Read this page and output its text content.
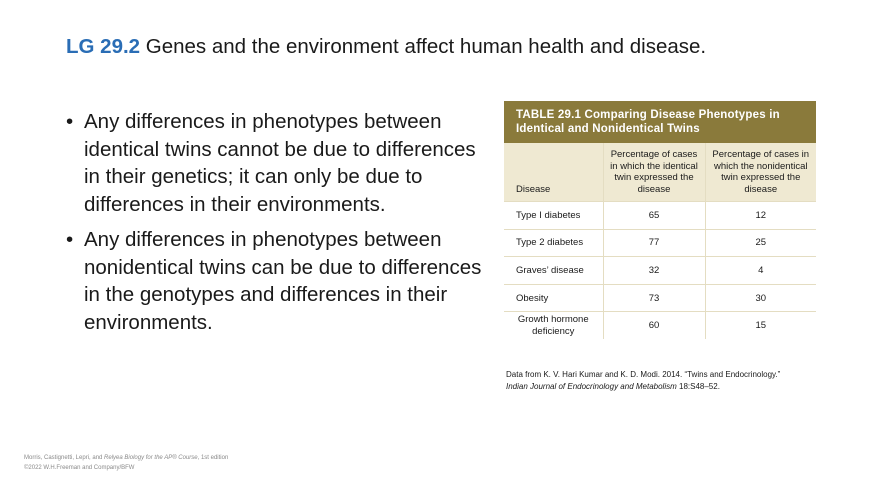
LG 29.2 Genes and the environment affect human health and disease.
• Any differences in phenotypes between identical twins cannot be due to differences in their genetics; it can only be due to differences in their environments.
• Any differences in phenotypes between nonidentical twins can be due to differences in the genotypes and differences in their environments.
TABLE 29.1 Comparing Disease Phenotypes in
Identical and Nonidentical Twins
Disease	Percentage of cases in which the identical twin expressed the disease	Percentage of cases in which the nonidentical twin expressed the disease
Type I diabetes	65	12
Type 2 diabetes	77	25
Graves’ disease	32	4
Obesity	73	30
Growth hormone deficiency	60	15
Data from K. V. Hari Kumar and K. D. Modi. 2014. “Twins and Endocrinology.”
Indian Journal of Endocrinology and Metabolism 18:S48–52.
Morris, Castignetti, Lepri, and Relyea Biology for the AP® Course, 1st edition
©2022 W.H.Freeman and Company/BFW
